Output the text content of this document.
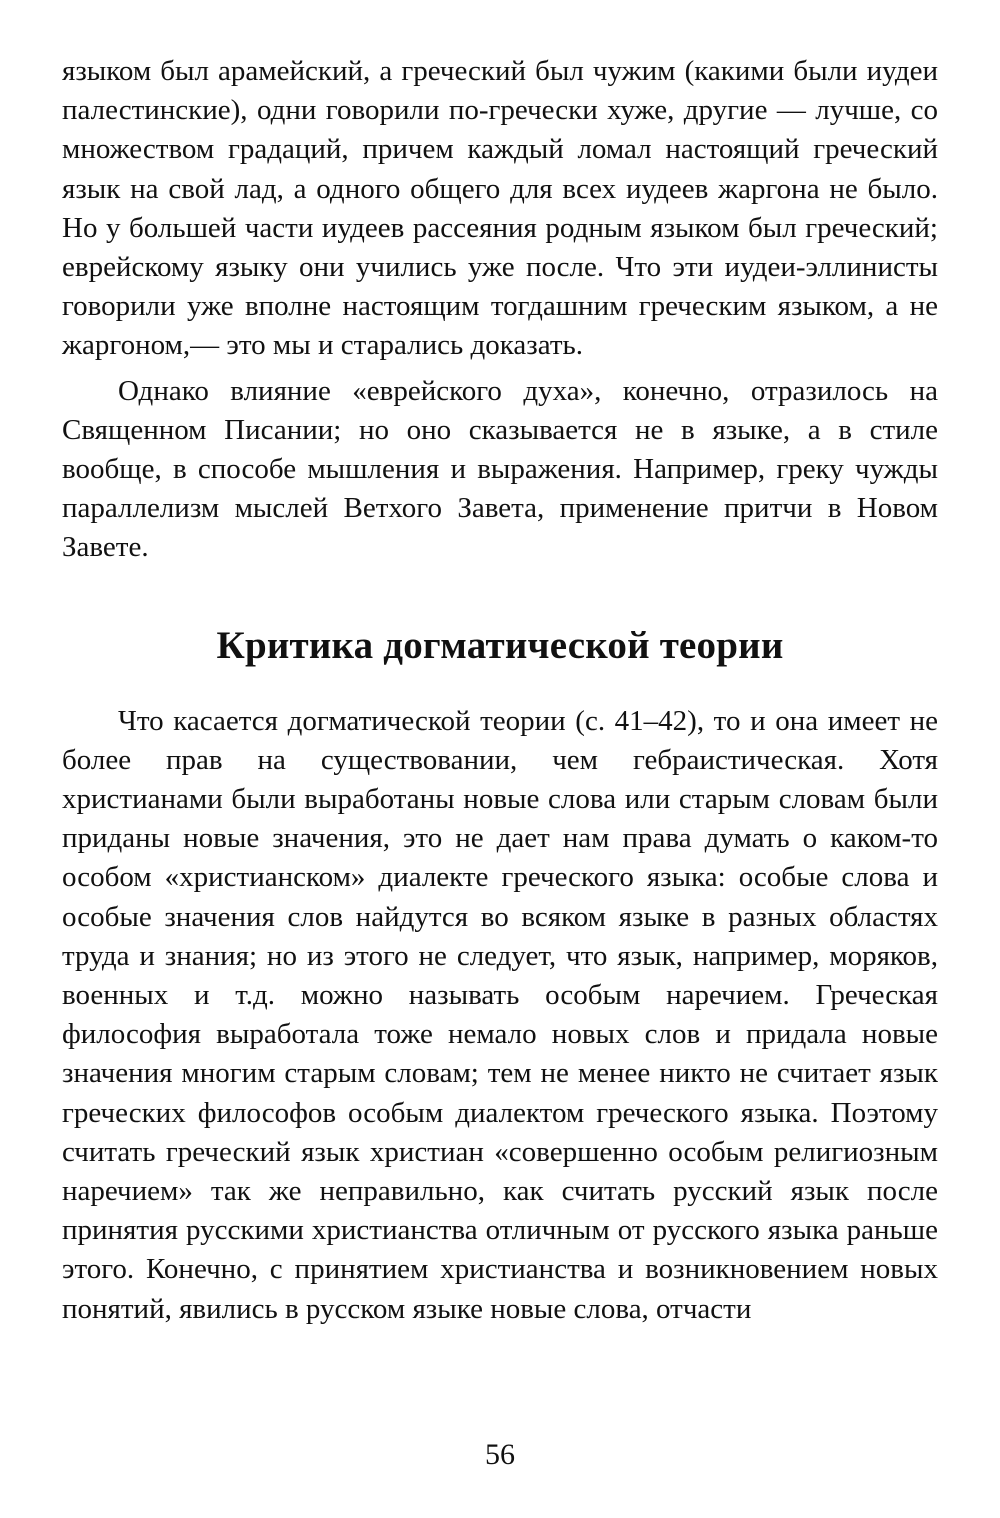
языком был арамейский, а греческий был чужим (какими были иудеи палестинские), одни говорили по-гречески хуже, другие — лучше, со множеством градаций, причем каждый ломал настоящий греческий язык на свой лад, а одного общего для всех иудеев жаргона не было. Но у большей части иудеев рассеяния родным языком был греческий; еврейскому языку они учились уже после. Что эти иудеи-эллинисты говорили уже вполне настоящим тогдашним греческим языком, а не жаргоном,— это мы и старались доказать.

Однако влияние «еврейского духа», конечно, отразилось на Священном Писании; но оно сказывается не в языке, а в стиле вообще, в способе мышления и выражения. Например, греку чужды параллелизм мыслей Ветхого Завета, применение притчи в Новом Завете.

Критика догматической теории

Что касается догматической теории (с. 41–42), то и она имеет не более прав на существовании, чем гебраистическая. Хотя христианами были выработаны новые слова или старым словам были приданы новые значения, это не дает нам права думать о каком-то особом «христианском» диалекте греческого языка: особые слова и особые значения слов найдутся во всяком языке в разных областях труда и знания; но из этого не следует, что язык, например, моряков, военных и т.д. можно называть особым наречием. Греческая философия выработала тоже немало новых слов и придала новые значения многим старым словам; тем не менее никто не считает язык греческих философов особым диалектом греческого языка. Поэтому считать греческий язык христиан «совершенно особым религиозным наречием» так же неправильно, как считать русский язык после принятия русскими христианства отличным от русского языка раньше этого. Конечно, с принятием христианства и возникновением новых понятий, явились в русском языке новые слова, отчасти

56
